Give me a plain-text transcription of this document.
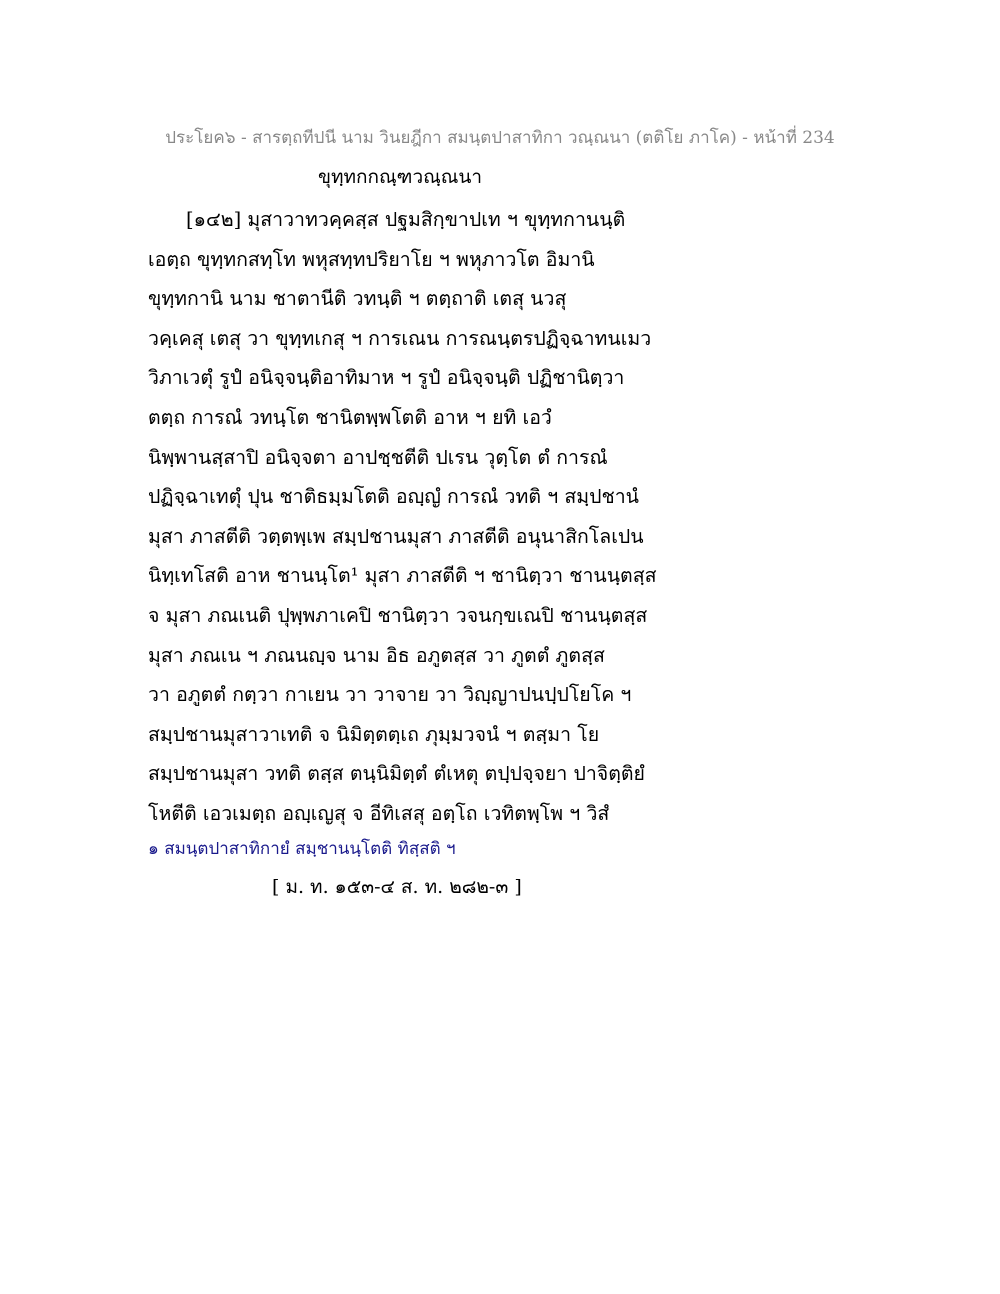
ประโยค๖ - สารตฺถทีปนี นาม วินยฎีกา สมนฺตปาสาทิกา วณฺณนา (ตติโย ภาโค) - หน้าที่ 234
ขุทฺทกกณฺฑวณฺณนา
[๑๔๒] มุสาวาทวคฺคสฺส ปฐมสิกฺขาปเท ฯ ขุทฺทกานนฺติ
เอตฺถ ขุทฺทกสทฺโท พหุสทฺทปริยาโย ฯ พหุภาวโต อิมานิ
ขุทฺทกานิ นาม ชาตานีติ วทนฺติ ฯ ตตฺถาติ เตสุ นวสุ
วคฺเคสุ เตสุ วา ขุทฺทเกสุ ฯ การเณน การณนฺตรปฏิจฺฉาทนเมว
วิภาเวตุํ รูปํ อนิจฺจนฺติอาทิมาห ฯ รูปํ อนิจฺจนฺติ ปฏิชานิตฺวา
ตตฺถ การณํ วทนฺโต ชานิตพฺพโตติ อาห ฯ ยทิ เอวํ
นิพฺพานสฺสาปิ อนิจฺจตา อาปชฺชตีติ ปเรน วุตฺโต ตํ การณํ
ปฏิจฺฉาเทตุํ ปุน ชาติธมฺมโตติ อญฺญํ การณํ วทติ ฯ สมฺปชานํ
มุสา ภาสตีติ วตฺตพฺเพ สมฺปชานมุสา ภาสตีติ อนุนาสิกโลเปน
นิทฺเทโสติ อาห ชานนฺโต¹ มุสา ภาสตีติ ฯ ชานิตฺวา ชานนฺตสฺส
จ มุสา ภณเนติ ปุพฺพภาเคปิ ชานิตฺวา วจนกฺขเณปิ ชานนฺตสฺส
มุสา ภณเน ฯ ภณนญฺจ นาม อิธ อภูตสฺส วา ภูตตํ ภูตสฺส
วา อภูตตํ กตฺวา กาเยน วา วาจาย วา วิญฺญาปนปฺปโยโค ฯ
สมฺปชานมุสาวาเทติ จ นิมิตฺตตฺเถ ภุมฺมวจนํ ฯ ตสฺมา โย
สมฺปชานมุสา วทติ ตสฺส ตนฺนิมิตฺตํ ตํเหตุ ตปฺปจฺจยา ปาจิตฺติยํ
โหตีติ เอวเมตฺถ อญฺเญสุ จ อีทิเสสุ อตฺโถ เวทิตพฺโพ ฯ วิสํ
๑ สมนฺตปาสาทิกายํ สมฺชานนฺโตติ ทิสฺสติ ฯ
[ ม. ท. ๑๕๓-๔ ส. ท. ๒๘๒-๓ ]
